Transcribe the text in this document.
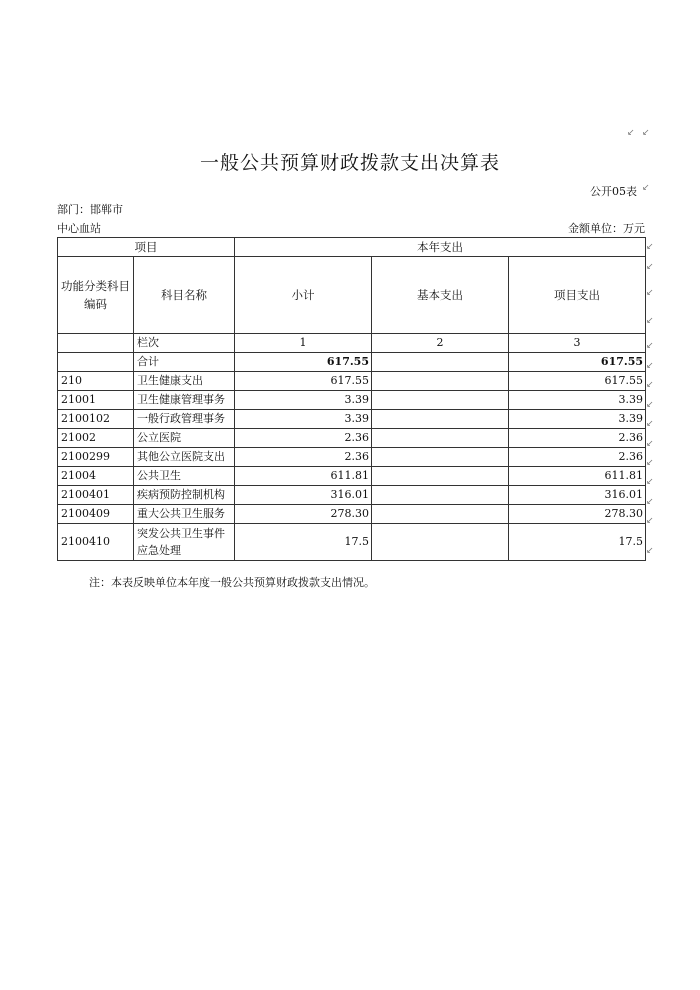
↙ ↙
一般公共预算财政拨款支出决算表
公开05表 ↙
部门：邯郸市
中心血站	金额单位：万元
项目		本年支出		
功能分类科目编码	科目名称	小计	基本支出	项目支出
	栏次	1	2	3
	合计	617.55		617.55
210	卫生健康支出	617.55		617.55
21001	卫生健康管理事务	3.39		3.39
2100102	一般行政管理事务	3.39		3.39
21002	公立医院	2.36		2.36
2100299	其他公立医院支出	2.36		2.36
21004	公共卫生	611.81		611.81
2100401	疾病预防控制机构	316.01		316.01
2100409	重大公共卫生服务	278.30		278.30
2100410	突发公共卫生事件应急处理	17.5		17.5
↙
↙
↙
↙
↙
↙
↙
↙
↙
↙
↙
↙
↙
↙
↙
注：本表反映单位本年度一般公共预算财政拨款支出情况。
